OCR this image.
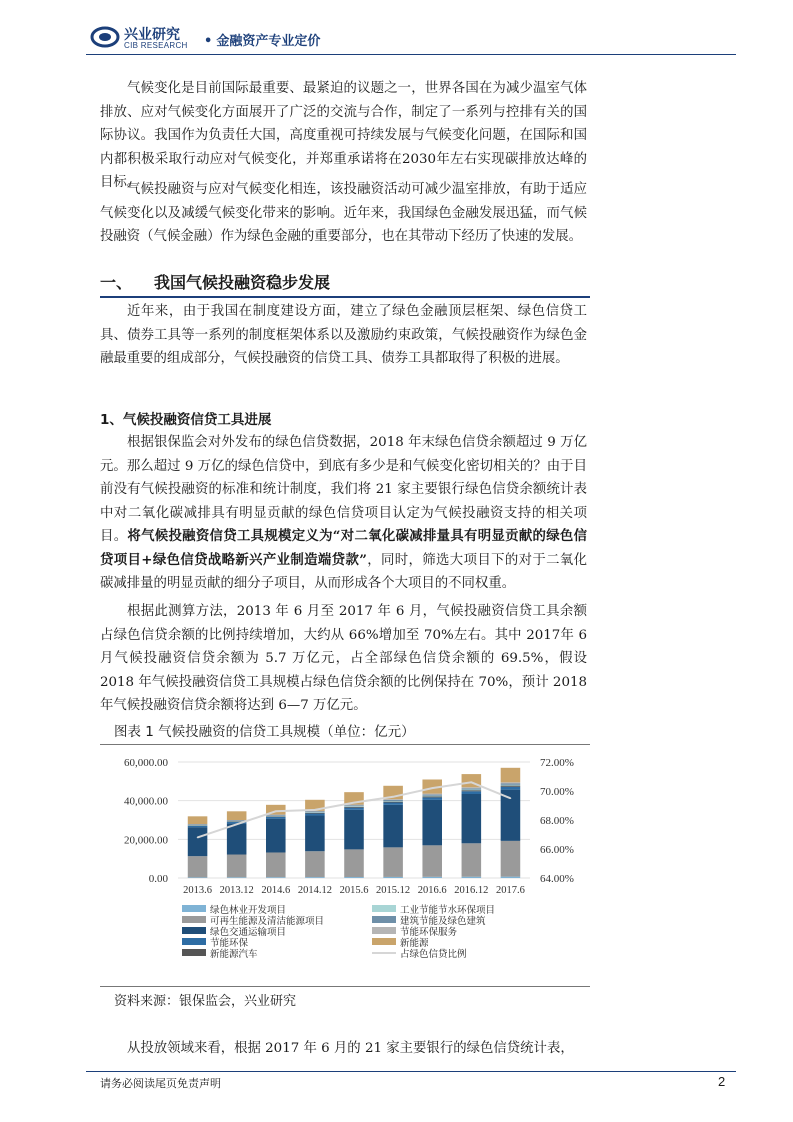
兴业研究
CIB RESEARCH • 金融资产专业定价

气候变化是目前国际最重要、最紧迫的议题之一，世界各国在为减少温室气体排放、应对气候变化方面展开了广泛的交流与合作，制定了一系列与控排有关的国际协议。我国作为负责任大国，高度重视可持续发展与气候变化问题，在国际和国内都积极采取行动应对气候变化，并郑重承诺将在2030年左右实现碳排放达峰的目标。

气候投融资与应对气候变化相连，该投融资活动可减少温室排放，有助于适应气候变化以及减缓气候变化带来的影响。近年来，我国绿色金融发展迅猛，而气候投融资（气候金融）作为绿色金融的重要部分，也在其带动下经历了快速的发展。

一、 我国气候投融资稳步发展

近年来，由于我国在制度建设方面，建立了绿色金融顶层框架、绿色信贷工具、债券工具等一系列的制度框架体系以及激励约束政策，气候投融资作为绿色金融最重要的组成部分，气候投融资的信贷工具、债券工具都取得了积极的进展。

1、气候投融资信贷工具进展

根据银保监会对外发布的绿色信贷数据，2018 年末绿色信贷余额超过 9 万亿元。那么超过 9 万亿的绿色信贷中，到底有多少是和气候变化密切相关的？由于目前没有气候投融资的标准和统计制度，我们将 21 家主要银行绿色信贷余额统计表中对二氧化碳减排具有明显贡献的绿色信贷项目认定为气候投融资支持的相关项目。将气候投融资信贷工具规模定义为“对二氧化碳减排量具有明显贡献的绿色信贷项目+绿色信贷战略新兴产业制造端贷款”，同时，筛选大项目下的对于二氧化碳减排量的明显贡献的细分子项目，从而形成各个大项目的不同权重。

根据此测算方法，2013 年 6 月至 2017 年 6 月，气候投融资信贷工具余额占绿色信贷余额的比例持续增加，大约从 66%增加至 70%左右。其中 2017年 6 月气候投融资信贷余额为 5.7 万亿元，占全部绿色信贷余额的 69.5%，假设 2018 年气候投融资信贷工具规模占绿色信贷余额的比例保持在 70%，预计 2018 年气候投融资信贷余额将达到 6—7 万亿元。

图表 1 气候投融资的信贷工具规模（单位：亿元）
0.00
20,000.00
40,000.00
60,000.00
64.00%
66.00%
68.00%
70.00%
72.00%
2013.6 2013.12 2014.6 2014.12 2015.6 2015.12 2016.6 2016.12 2017.6
绿色林业开发项目	工业节能节水环保项目
可再生能源及清洁能源项目	建筑节能及绿色建筑
绿色交通运输项目	节能环保服务
节能环保	新能源
新能源汽车	占绿色信贷比例
资料来源：银保监会，兴业研究

从投放领域来看，根据 2017 年 6 月的 21 家主要银行的绿色信贷统计表，

请务必阅读尾页免责声明	2
